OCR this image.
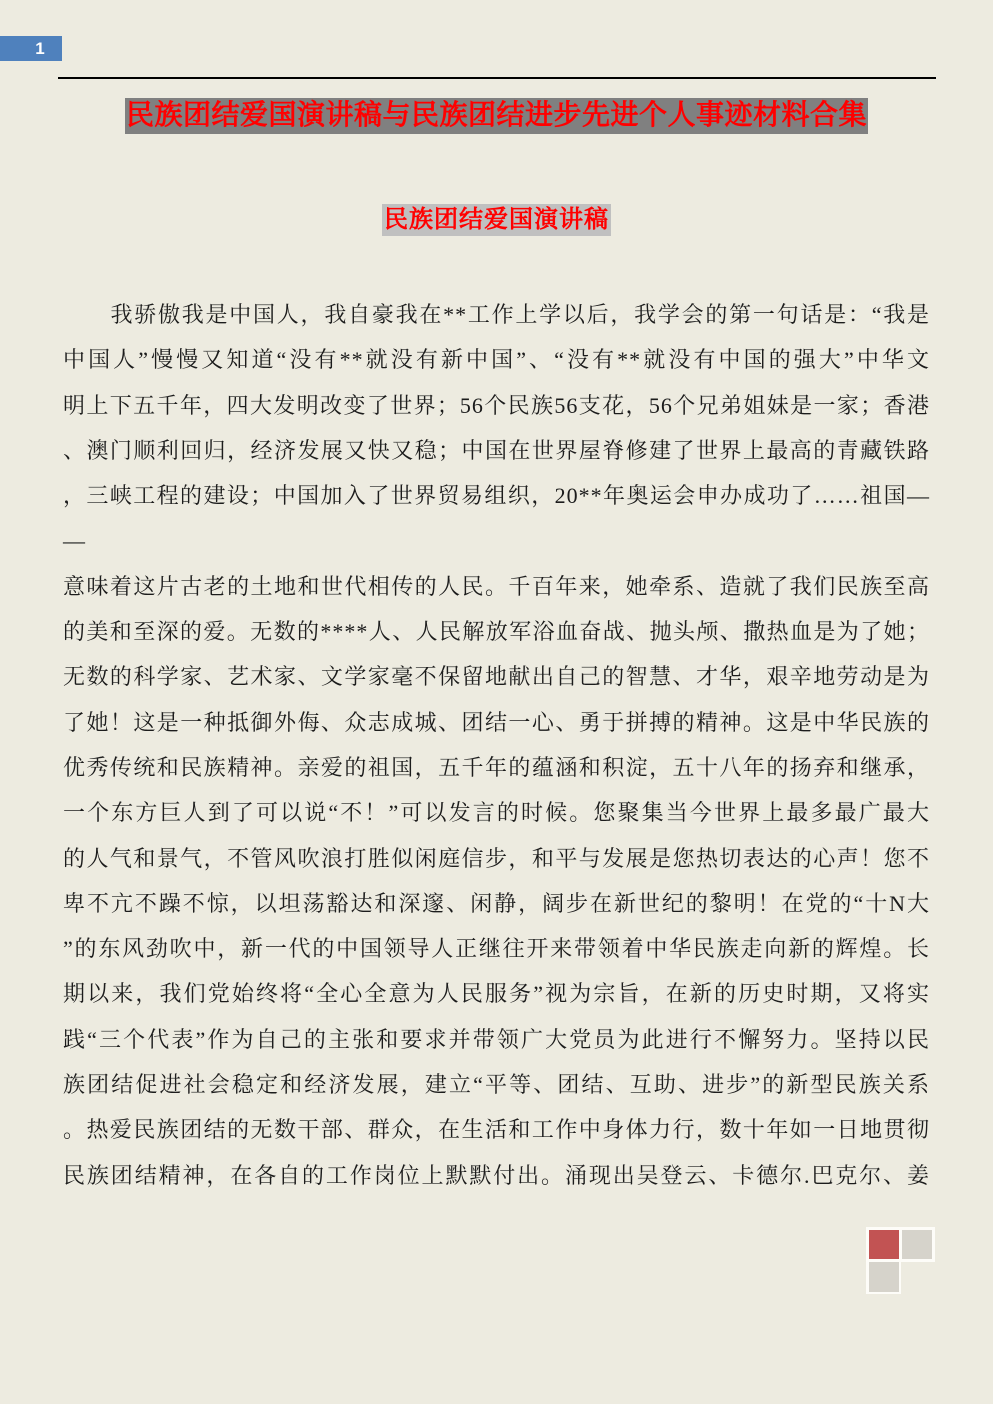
1
民族团结爱国演讲稿与民族团结进步先进个人事迹材料合集
民族团结爱国演讲稿
　　我骄傲我是中国人，我自豪我在**工作上学以后，我学会的第一句话是：“我是
中国人”慢慢又知道“没有**就没有新中国”、“没有**就没有中国的强大”中华文
明上下五千年，四大发明改变了世界；56个民族56支花，56个兄弟姐妹是一家；香港
、澳门顺利回归，经济发展又快又稳；中国在世界屋脊修建了世界上最高的青藏铁路
，三峡工程的建设；中国加入了世界贸易组织，20**年奥运会申办成功了……祖国—
—
意味着这片古老的土地和世代相传的人民。千百年来，她牵系、造就了我们民族至高
的美和至深的爱。无数的****人、人民解放军浴血奋战、抛头颅、撒热血是为了她；
无数的科学家、艺术家、文学家毫不保留地献出自己的智慧、才华，艰辛地劳动是为
了她！这是一种抵御外侮、众志成城、团结一心、勇于拼搏的精神。这是中华民族的
优秀传统和民族精神。亲爱的祖国，五千年的蕴涵和积淀，五十八年的扬弃和继承，
一个东方巨人到了可以说“不！”可以发言的时候。您聚集当今世界上最多最广最大
的人气和景气，不管风吹浪打胜似闲庭信步，和平与发展是您热切表达的心声！您不
卑不亢不躁不惊，以坦荡豁达和深邃、闲静，阔步在新世纪的黎明！在党的“十N大
”的东风劲吹中，新一代的中国领导人正继往开来带领着中华民族走向新的辉煌。长
期以来，我们党始终将“全心全意为人民服务”视为宗旨，在新的历史时期，又将实
践“三个代表”作为自己的主张和要求并带领广大党员为此进行不懈努力。坚持以民
族团结促进社会稳定和经济发展，建立“平等、团结、互助、进步”的新型民族关系
。热爱民族团结的无数干部、群众，在生活和工作中身体力行，数十年如一日地贯彻
民族团结精神，在各自的工作岗位上默默付出。涌现出吴登云、卡德尔.巴克尔、姜
